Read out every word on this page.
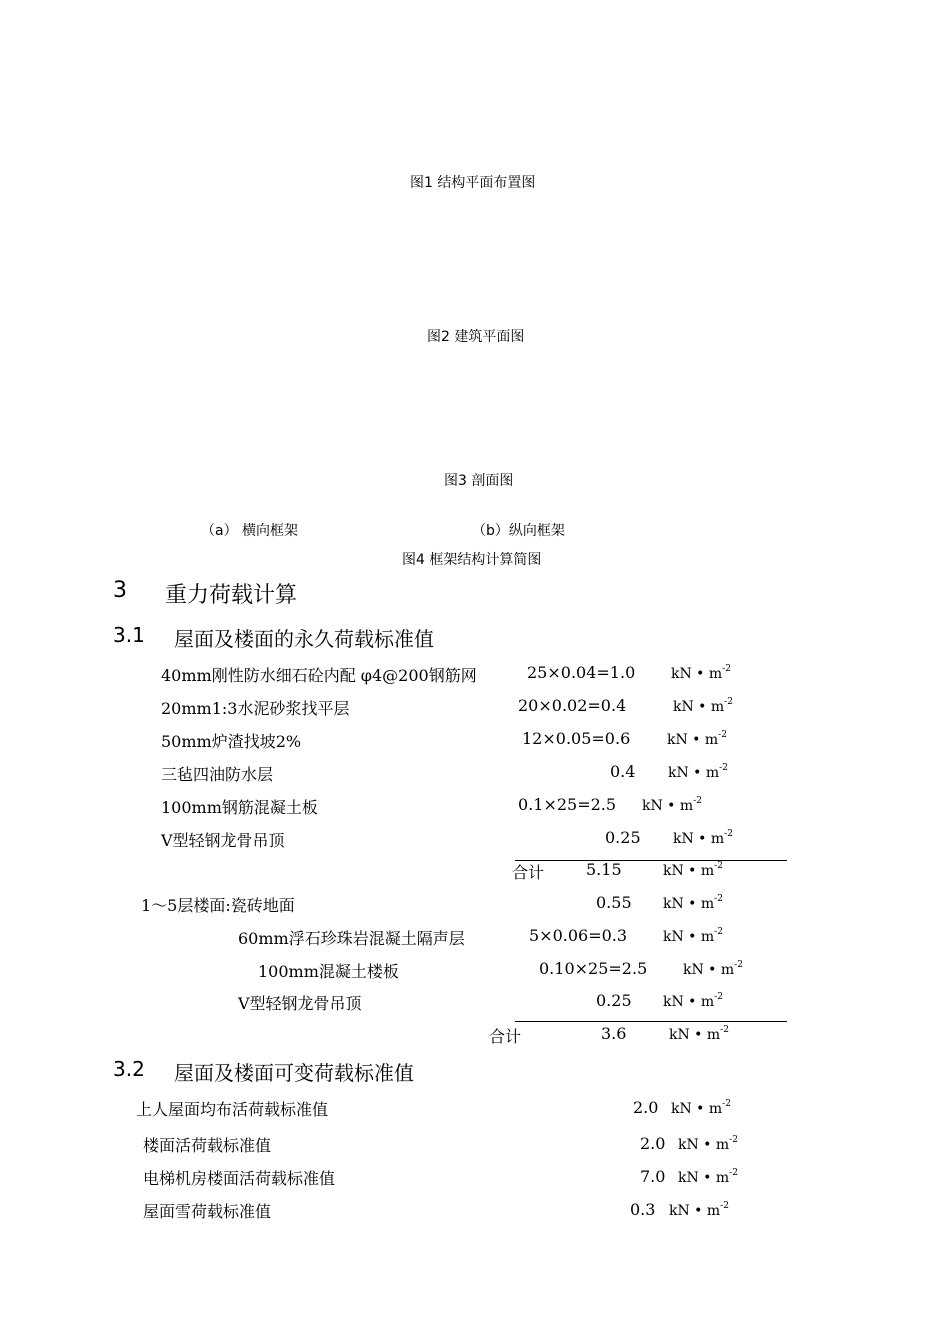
图1 结构平面布置图
图2 建筑平面图
图3 剖面图
（a） 横向框架	（b）纵向框架
图4 框架结构计算简图
3 重力荷载计算
3.1 屋面及楼面的永久荷载标准值
40mm刚性防水细石砼内配 φ4@200钢筋网	25×0.04=1.0	kN • $m^{-2}$
20mm1:3水泥砂浆找平层	20×0.02=0.4	kN • $m^{-2}$
50mm炉渣找坡2%	12×0.05=0.6	kN • $m^{-2}$
三毡四油防水层	0.4 kN • $m^{-2}$
100mm钢筋混凝土板	0.1×25=2.5 kN • $m^{-2}$
V型轻钢龙骨吊顶	0.25 kN • $m^{-2}$
合计	5.15	kN • $m^{-2}$
1～5层楼面:瓷砖地面	0.55 kN • $m^{-2}$
60mm浮石珍珠岩混凝土隔声层	5×0.06=0.3	kN • $m^{-2}$
100mm混凝土楼板	0.10×25=2.5	kN • $m^{-2}$
V型轻钢龙骨吊顶	0.25 kN • $m^{-2}$
合计	3.6	kN • $m^{-2}$
3.2 屋面及楼面可变荷载标准值
上人屋面均布活荷载标准值	2.0 kN • $m^{-2}$
楼面活荷载标准值	2.0 kN • $m^{-2}$
电梯机房楼面活荷载标准值	7.0 kN • $m^{-2}$
屋面雪荷载标准值	0.3 kN • $m^{-2}$
